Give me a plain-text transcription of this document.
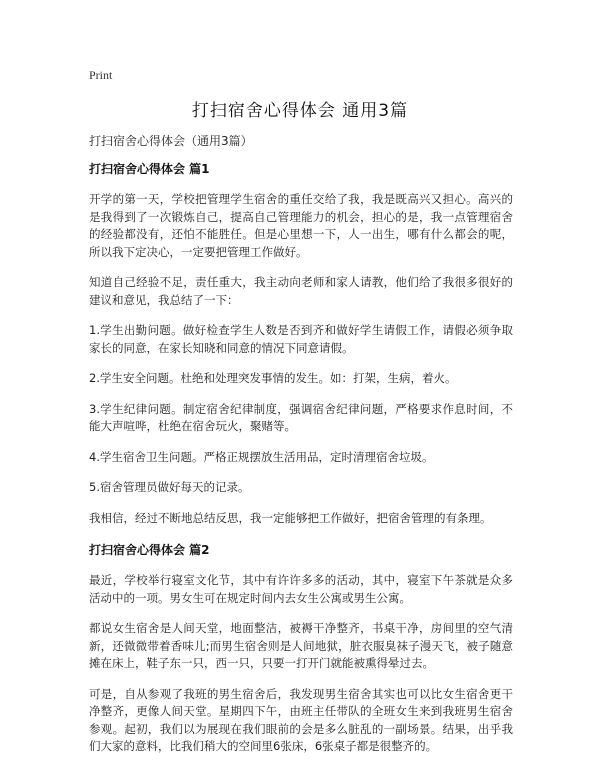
Print
打扫宿舍心得体会 通用3篇

打扫宿舍心得体会（通用3篇）

打扫宿舍心得体会 篇1

开学的第一天，学校把管理学生宿舍的重任交给了我，我是既高兴又担心。高兴的是我得到了一次锻炼自己，提高自己管理能力的机会，担心的是，我一点管理宿舍的经验都没有，还怕不能胜任。但是心里想一下，人一出生，哪有什么都会的呢，所以我下定决心，一定要把管理工作做好。

知道自己经验不足，责任重大，我主动向老师和家人请教，他们给了我很多很好的建议和意见，我总结了一下：

1.学生出勤问题。做好检查学生人数是否到齐和做好学生请假工作，请假必须争取家长的同意，在家长知晓和同意的情况下同意请假。

2.学生安全问题。杜绝和处理突发事情的发生。如：打架，生病，着火。

3.学生纪律问题。制定宿舍纪律制度，强调宿舍纪律问题，严格要求作息时间，不能大声喧哗，杜绝在宿舍玩火，聚赌等。

4.学生宿舍卫生问题。严格正规摆放生活用品，定时清理宿舍垃圾。

5.宿舍管理员做好每天的记录。

我相信，经过不断地总结反思，我一定能够把工作做好，把宿舍管理的有条理。

打扫宿舍心得体会 篇2

最近，学校举行寝室文化节，其中有许许多多的活动，其中，寝室下午茶就是众多活动中的一项。男女生可在规定时间内去女生公寓或男生公寓。

都说女生宿舍是人间天堂，地面整洁，被褥干净整齐，书桌干净，房间里的空气清新，还微微带着香味儿;而男生宿舍则是人间地狱，脏衣服臭袜子漫天飞，被子随意摊在床上，鞋子东一只，西一只，只要一打开门就能被熏得晕过去。

可是，自从参观了我班的男生宿舍后，我发现男生宿舍其实也可以比女生宿舍更干净整齐，更像人间天堂。星期四下午，由班主任带队的全班女生来到我班男生宿舍参观。起初，我们以为展现在我们眼前的会是多么脏乱的一副场景。结果，出乎我们大家的意料，比我们稍大的空间里6张床，6张桌子都是很整齐的。
